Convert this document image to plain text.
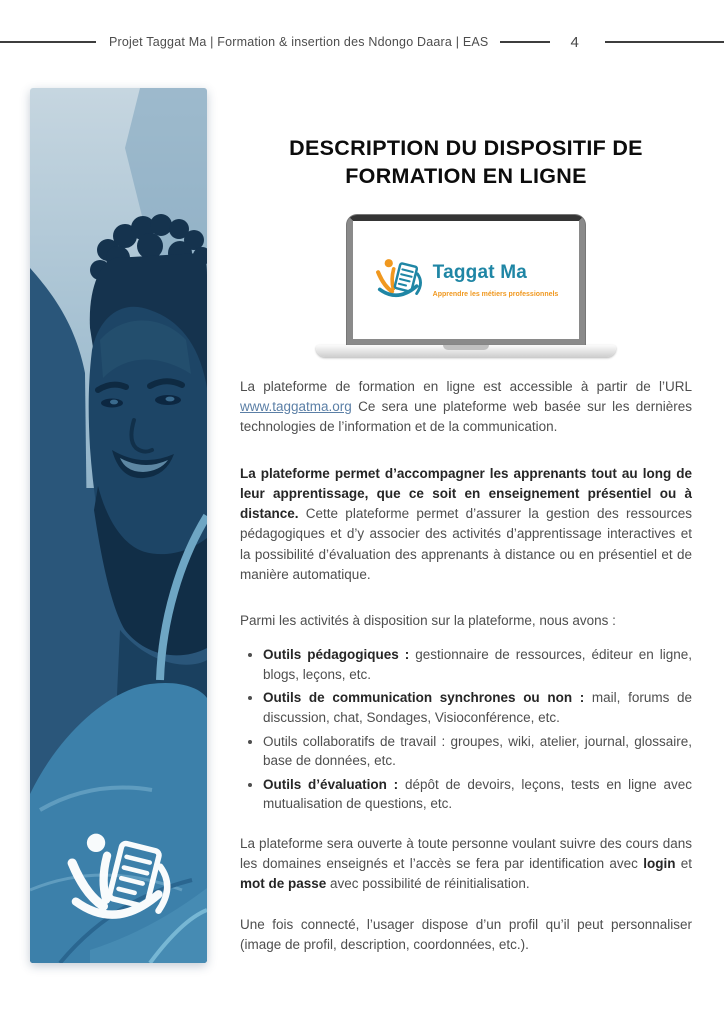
Projet Taggat Ma | Formation & insertion des Ndongo Daara | EAS	4
DESCRIPTION DU DISPOSITIF DE
FORMATION EN LIGNE
Taggat Ma
Apprendre les métiers professionnels

La plateforme de formation en ligne est accessible à partir de l’URL www.taggatma.org Ce sera une plateforme web basée sur les dernières technologies de l’information et de la communication.

La plateforme permet d’accompagner les apprenants tout au long de leur apprentissage, que ce soit en enseignement présentiel ou à distance. Cette plateforme permet d’assurer la gestion des ressources pédagogiques et d’y associer des activités d’apprentissage interactives et la possibilité d’évaluation des apprenants à distance ou en présentiel et de manière automatique.

Parmi les activités à disposition sur la plateforme, nous avons :

• Outils pédagogiques : gestionnaire de ressources, éditeur en ligne, blogs, leçons, etc.
• Outils de communication synchrones ou non : mail, forums de discussion, chat, Sondages, Visioconférence, etc.
• Outils collaboratifs de travail : groupes, wiki, atelier, journal, glossaire, base de données, etc.
• Outils d’évaluation : dépôt de devoirs, leçons, tests en ligne avec mutualisation de questions, etc.

La plateforme sera ouverte à toute personne voulant suivre des cours dans les domaines enseignés et l’accès se fera par identification avec login et mot de passe avec possibilité de réinitialisation.

Une fois connecté, l’usager dispose d’un profil qu’il peut personnaliser (image de profil, description, coordonnées, etc.).
